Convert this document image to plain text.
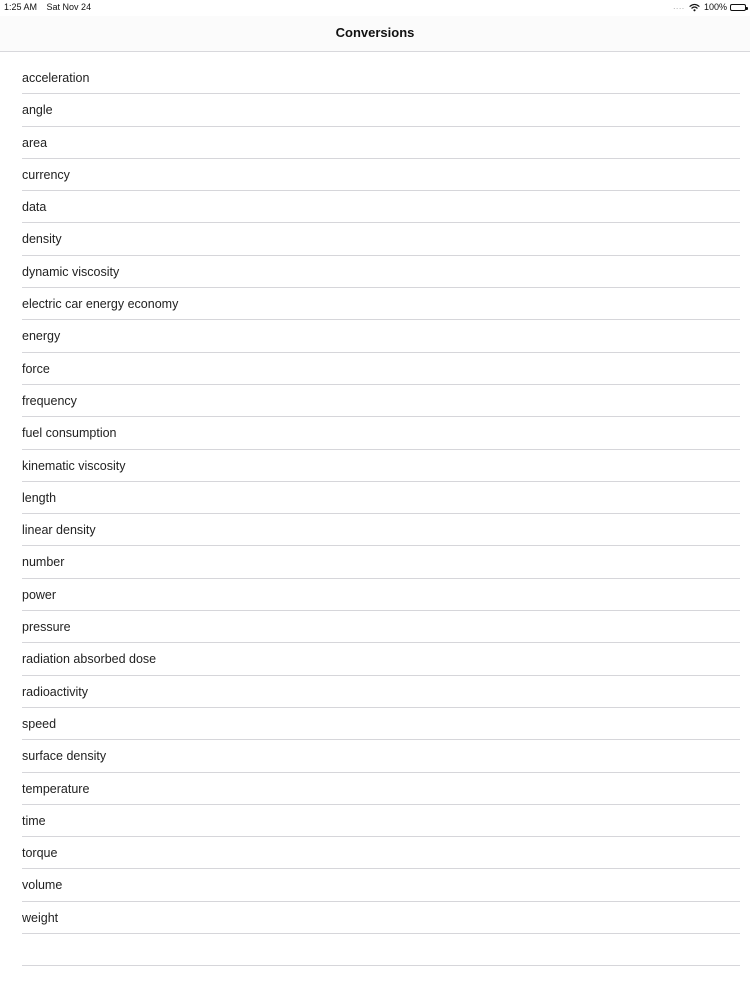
1:25 AM Sat Nov 24	.... 100%
Conversions
acceleration
angle
area
currency
data
density
dynamic viscosity
electric car energy economy
energy
force
frequency
fuel consumption
kinematic viscosity
length
linear density
number
power
pressure
radiation absorbed dose
radioactivity
speed
surface density
temperature
time
torque
volume
weight
